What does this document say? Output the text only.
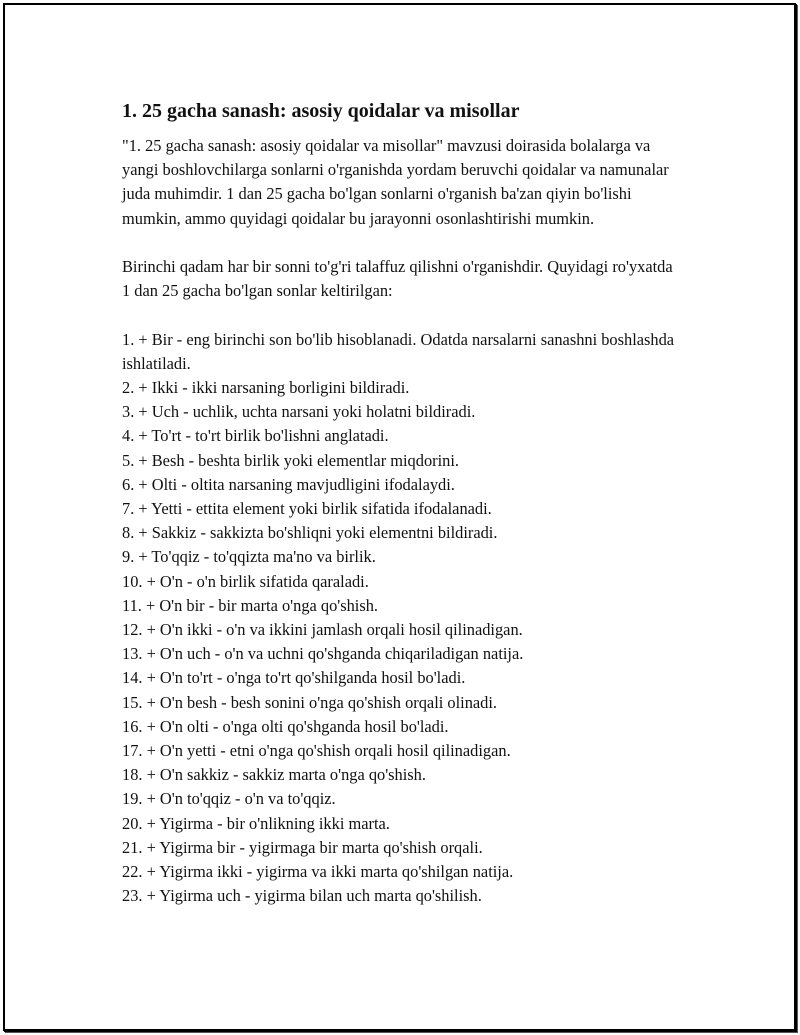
1. 25 gacha sanash: asosiy qoidalar va misollar

"1. 25 gacha sanash: asosiy qoidalar va misollar" mavzusi doirasida bolalarga va yangi boshlovchilarga sonlarni o'rganishda yordam beruvchi qoidalar va namunalar juda muhimdir. 1 dan 25 gacha bo'lgan sonlarni o'rganish ba'zan qiyin bo'lishi mumkin, ammo quyidagi qoidalar bu jarayonni osonlashtirishi mumkin.

Birinchi qadam har bir sonni to'g'ri talaffuz qilishni o'rganishdir. Quyidagi ro'yxatda 1 dan 25 gacha bo'lgan sonlar keltirilgan:

1. + Bir - eng birinchi son bo'lib hisoblanadi. Odatda narsalarni sanashni boshlashda ishlatiladi.
2. + Ikki - ikki narsaning borligini bildiradi.
3. + Uch - uchlik, uchta narsani yoki holatni bildiradi.
4. + To'rt - to'rt birlik bo'lishni anglatadi.
5. + Besh - beshta birlik yoki elementlar miqdorini.
6. + Olti - oltita narsaning mavjudligini ifodalaydi.
7. + Yetti - ettita element yoki birlik sifatida ifodalanadi.
8. + Sakkiz - sakkizta bo'shliqni yoki elementni bildiradi.
9. + To'qqiz - to'qqizta ma'no va birlik.
10. + O'n - o'n birlik sifatida qaraladi.
11. + O'n bir - bir marta o'nga qo'shish.
12. + O'n ikki - o'n va ikkini jamlash orqali hosil qilinadigan.
13. + O'n uch - o'n va uchni qo'shganda chiqariladigan natija.
14. + O'n to'rt - o'nga to'rt qo'shilganda hosil bo'ladi.
15. + O'n besh - besh sonini o'nga qo'shish orqali olinadi.
16. + O'n olti - o'nga olti qo'shganda hosil bo'ladi.
17. + O'n yetti - etni o'nga qo'shish orqali hosil qilinadigan.
18. + O'n sakkiz - sakkiz marta o'nga qo'shish.
19. + O'n to'qqiz - o'n va to'qqiz.
20. + Yigirma - bir o'nlikning ikki marta.
21. + Yigirma bir - yigirmaga bir marta qo'shish orqali.
22. + Yigirma ikki - yigirma va ikki marta qo'shilgan natija.
23. + Yigirma uch - yigirma bilan uch marta qo'shilish.
